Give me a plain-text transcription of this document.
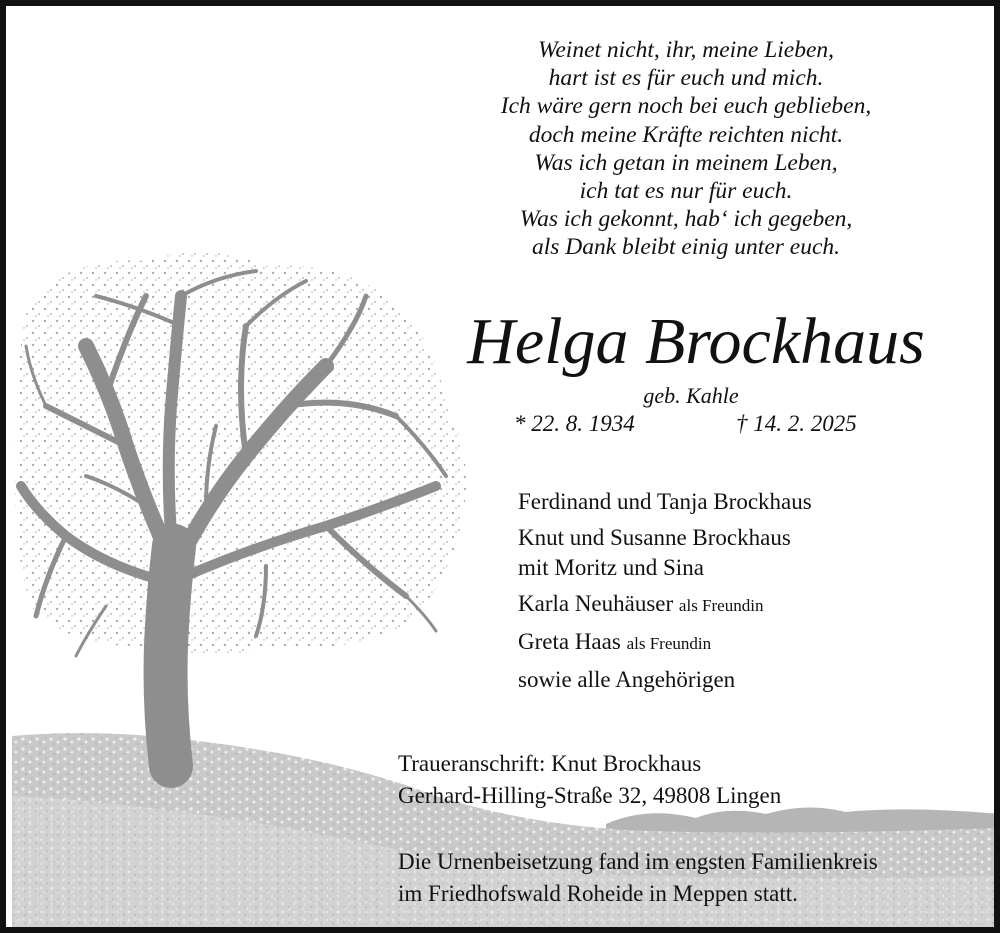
Weinet nicht, ihr, meine Lieben,
hart ist es für euch und mich.
Ich wäre gern noch bei euch geblieben,
doch meine Kräfte reichten nicht.
Was ich getan in meinem Leben,
ich tat es nur für euch.
Was ich gekonnt, hab‘ ich gegeben,
als Dank bleibt einig unter euch.
Helga Brockhaus
geb. Kahle
* 22. 8. 1934	† 14. 2. 2025
Ferdinand und Tanja Brockhaus
Knut und Susanne Brockhaus
mit Moritz und Sina
Karla Neuhäuser als Freundin
Greta Haas als Freundin
sowie alle Angehörigen
Traueranschrift: Knut Brockhaus
Gerhard-Hilling-Straße 32, 49808 Lingen
Die Urnenbeisetzung fand im engsten Familienkreis
im Friedhofswald Roheide in Meppen statt.
